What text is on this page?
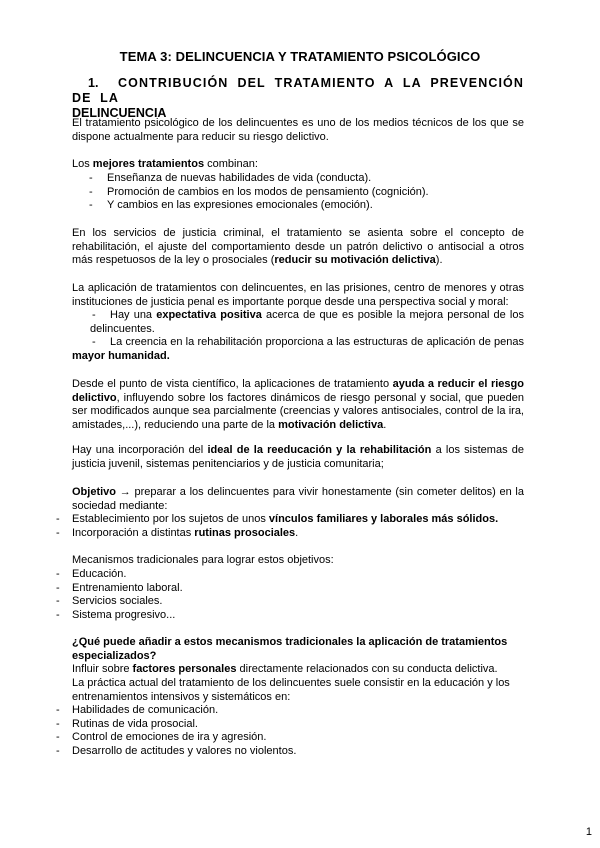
TEMA 3: DELINCUENCIA Y TRATAMIENTO PSICOLÓGICO
1. CONTRIBUCIÓN DEL TRATAMIENTO A LA PREVENCIÓN DE LA
DELINCUENCIA

El tratamiento psicológico de los delincuentes es uno de los medios técnicos de los que se dispone actualmente para reducir su riesgo delictivo.

Los mejores tratamientos combinan:

- Enseñanza de nuevas habilidades de vida (conducta).
- Promoción de cambios en los modos de pensamiento (cognición).
- Y cambios en las expresiones emocionales (emoción).

En los servicios de justicia criminal, el tratamiento se asienta sobre el concepto de rehabilitación, el ajuste del comportamiento desde un patrón delictivo o antisocial a otros más respetuosos de la ley o prosociales (reducir su motivación delictiva).

La aplicación de tratamientos con delincuentes, en las prisiones, centro de menores y otras instituciones de justicia penal es importante porque desde una perspectiva social y moral:

-	Hay una expectativa positiva acerca de que es posible la mejora personal de los delincuentes.
-	La creencia en la rehabilitación proporciona a las estructuras de aplicación de penas mayor humanidad.

Desde el punto de vista científico, la aplicaciones de tratamiento ayuda a reducir el riesgo delictivo, influyendo sobre los factores dinámicos de riesgo personal y social, que pueden ser modificados aunque sea parcialmente (creencias y valores antisociales, control de la ira, amistades,...), reduciendo una parte de la motivación delictiva.

Hay una incorporación del ideal de la reeducación y la rehabilitación a los sistemas de justicia juvenil, sistemas penitenciarios y de justicia comunitaria;

Objetivo → preparar a los delincuentes para vivir honestamente (sin cometer delitos) en la sociedad mediante:

- Establecimiento por los sujetos de unos vínculos familiares y laborales más sólidos.
- Incorporación a distintas rutinas prosociales.

Mecanismos tradicionales para lograr estos objetivos:

- Educación.
- Entrenamiento laboral.
- Servicios sociales.
- Sistema progresivo...

¿Qué puede añadir a estos mecanismos tradicionales la aplicación de tratamientos especializados?

Influir sobre factores personales directamente relacionados con su conducta delictiva.

La práctica actual del tratamiento de los delincuentes suele consistir en la educación y los entrenamientos intensivos y sistemáticos en:

- Habilidades de comunicación.
- Rutinas de vida prosocial.
- Control de emociones de ira y agresión.
- Desarrollo de actitudes y valores no violentos.
1
